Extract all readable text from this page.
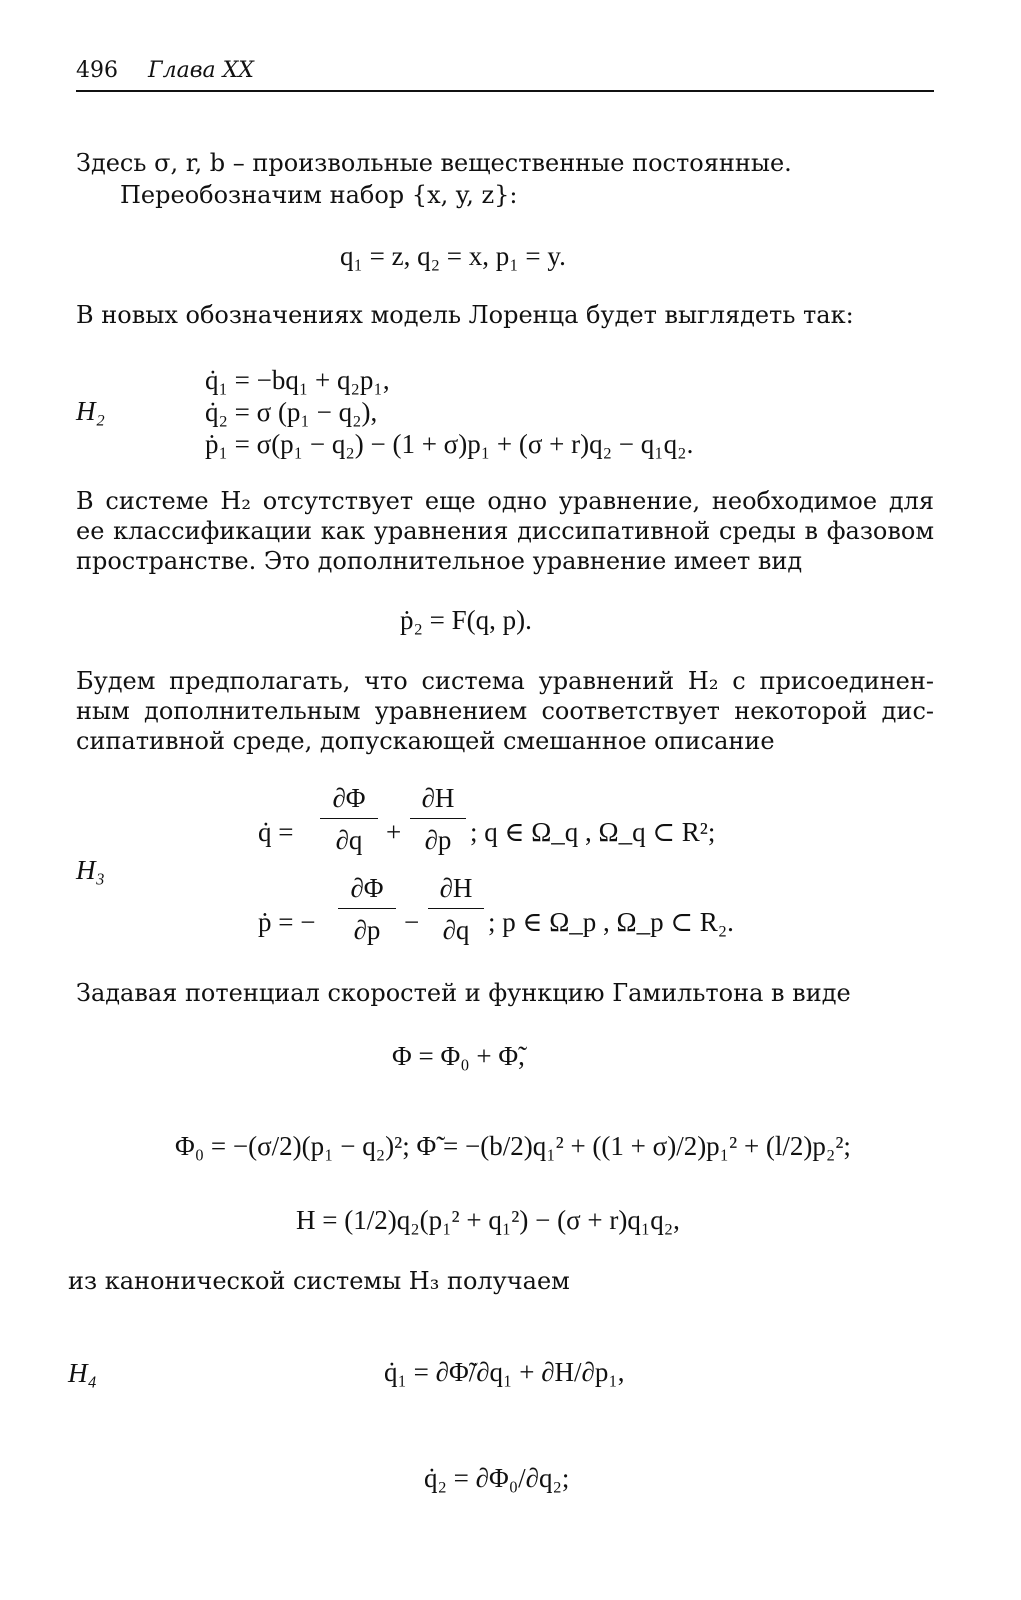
496 Глава XX

Здесь σ, r, b – произвольные вещественные постоянные.

Переобозначим набор {x, y, z}:

q₁ = z, q₂ = x, p₁ = y.

В новых обозначениях модель Лоренца будет выглядеть так:

H₂
q̇₁ = −bq₁ + q₂p₁,
q̇₂ = σ (p₁ − q₂),
ṗ₁ = σ(p₁ − q₂) − (1 + σ)p₁ + (σ + r)q₂ − q₁q₂.

В системе H₂ отсутствует еще одно уравнение, необходимое для

ее классификации как уравнения диссипативной среды в фазовом

пространстве. Это дополнительное уравнение имеет вид

ṗ₂ = F(q, p).

Будем предполагать, что система уравнений H₂ с присоединен-

ным дополнительным уравнением соответствует некоторой дис-

сипативной среде, допускающей смешанное описание

H₃
q̇ =
∂Φ
∂q +
∂H
∂p ; q ∈ Ω_q , Ω_q ⊂ R²;
ṗ = −
∂Φ
∂p −
∂H
∂q ; p ∈ Ω_p , Ω_p ⊂ R₂.

Задавая потенциал скоростей и функцию Гамильтона в виде

Φ = Φ₀ + Φ̃,
Φ₀ = −(σ/2)(p₁ − q₂)²; Φ̃ = −(b/2)q₁² + ((1 + σ)/2)p₁² + (l/2)p₂²;
H = (1/2)q₂(p₁² + q₁²) − (σ + r)q₁q₂,

из канонической системы H₃ получаем

H₄	q̇₁ = ∂Φ̃/∂q₁ + ∂H/∂p₁,
q̇₂ = ∂Φ₀/∂q₂;
